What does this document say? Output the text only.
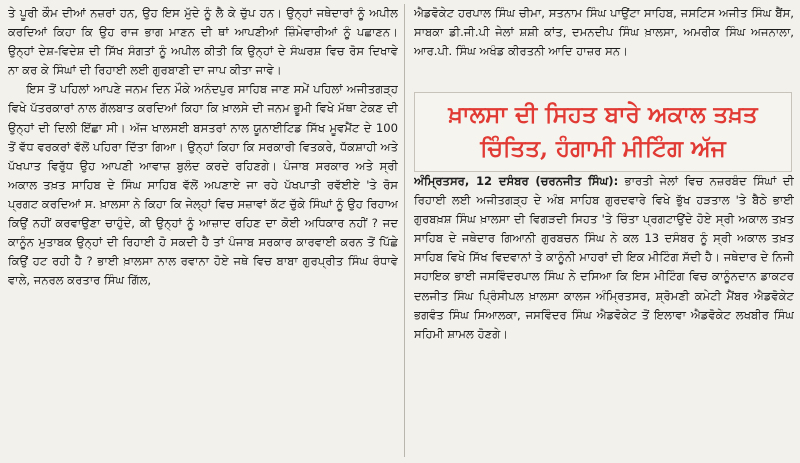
ਤੇ ਪੂਰੀ ਕੌਮ ਦੀਆਂ ਨਜ਼ਰਾਂ ਹਨ, ਉਹ ਇਸ ਮੁੱਦੇ ਨੂੰ ਲੈ ਕੇ ਚੁੱਪ ਹਨ। ਉਨ੍ਹਾਂ ਜਥੇਦਾਰਾਂ ਨੂੰ ਅਪੀਲ ਕਰਦਿਆਂ ਕਿਹਾ ਕਿ ਉਹ ਰਾਜ ਭਾਗ ਮਾਣਨ ਦੀ ਥਾਂ ਆਪਣੀਆਂ ਜ਼ਿੰਮੇਵਾਰੀਆਂ ਨੂੰ ਪਛਾਣਨ। ਉਨ੍ਹਾਂ ਦੇਸ਼-ਵਿਦੇਸ਼ ਦੀ ਸਿੱਖ ਸੰਗਤਾਂ ਨੂੰ ਅਪੀਲ ਕੀਤੀ ਕਿ ਉਨ੍ਹਾਂ ਦੇ ਸੰਘਰਸ਼ ਵਿਚ ਰੋਸ ਦਿਖਾਵੇ ਨਾ ਕਰ ਕੇ ਸਿੰਘਾਂ ਦੀ ਰਿਹਾਈ ਲਈ ਗੁਰਬਾਣੀ ਦਾ ਜਾਪ ਕੀਤਾ ਜਾਵੇ।

ਇਸ ਤੋਂ ਪਹਿਲਾਂ ਆਪਣੇ ਜਨਮ ਦਿਨ ਮੌਕੇ ਅਨੰਦਪੁਰ ਸਾਹਿਬ ਜਾਣ ਸਮੇਂ ਪਹਿਲਾਂ ਅਜੀਤਗੜ੍ਹ ਵਿਖੇ ਪੱਤਰਕਾਰਾਂ ਨਾਲ ਗੱਲਬਾਤ ਕਰਦਿਆਂ ਕਿਹਾ ਕਿ ਖ਼ਾਲਸੇ ਦੀ ਜਨਮ ਭੂਮੀ ਵਿਖੇ ਮੱਥਾ ਟੇਕਣ ਦੀ ਉਨ੍ਹਾਂ ਦੀ ਦਿਲੀ ਇੱਛਾ ਸੀ। ਅੱਜ ਖਾਲਸਈ ਬਸਤਰਾਂ ਨਾਲ ਯੂਨਾਈਟਿਡ ਸਿੱਖ ਮੂਵਮੈਂਟ ਦੇ 100 ਤੋਂ ਵੱਧ ਵਰਕਰਾਂ ਵੱਲੋਂ ਪਹਿਰਾ ਦਿੱਤਾ ਗਿਆ। ਉਨ੍ਹਾਂ ਕਿਹਾ ਕਿ ਸਰਕਾਰੀ ਵਿਤਕਰੇ, ਧੱਕਸ਼ਾਹੀ ਅਤੇ ਪੱਖਪਾਤ ਵਿਰੁੱਧ ਉਹ ਆਪਣੀ ਆਵਾਜ਼ ਬੁਲੰਦ ਕਰਦੇ ਰਹਿਣਗੇ। ਪੰਜਾਬ ਸਰਕਾਰ ਅਤੇ ਸ੍ਰੀ ਅਕਾਲ ਤਖ਼ਤ ਸਾਹਿਬ ਦੇ ਸਿੰਘ ਸਾਹਿਬ ਵੱਲੋਂ ਅਪਣਾਏ ਜਾ ਰਹੇ ਪੱਖਪਾਤੀ ਰਵੱਈਏ 'ਤੇ ਰੋਸ ਪ੍ਰਗਟ ਕਰਦਿਆਂ ਸ. ਖ਼ਾਲਸਾ ਨੇ ਕਿਹਾ ਕਿ ਜੇਲ੍ਹਾਂ ਵਿਚ ਸਜ਼ਾਵਾਂ ਕੱਟ ਚੁੱਕੇ ਸਿੰਘਾਂ ਨੂੰ ਉਹ ਰਿਹਾਅ ਕਿਉਂ ਨਹੀਂ ਕਰਵਾਉਣਾ ਚਾਹੁੰਦੇ, ਕੀ ਉਨ੍ਹਾਂ ਨੂੰ ਆਜ਼ਾਦ ਰਹਿਣ ਦਾ ਕੋਈ ਅਧਿਕਾਰ ਨਹੀਂ ? ਜਦ ਕਾਨੂੰਨ ਮੁਤਾਬਕ ਉਨ੍ਹਾਂ ਦੀ ਰਿਹਾਈ ਹੋ ਸਕਦੀ ਹੈ ਤਾਂ ਪੰਜਾਬ ਸਰਕਾਰ ਕਾਰਵਾਈ ਕਰਨ ਤੋਂ ਪਿੱਛੇ ਕਿਉਂ ਹਟ ਰਹੀ ਹੈ ? ਭਾਈ ਖ਼ਾਲਸਾ ਨਾਲ ਰਵਾਨਾ ਹੋਏ ਜਥੇ ਵਿਚ ਬਾਬਾ ਗੁਰਪ੍ਰੀਤ ਸਿੰਘ ਰੰਧਾਵੇ ਵਾਲੇ, ਜਨਰਲ ਕਰਤਾਰ ਸਿੰਘ ਗਿੱਲ,

ਐਡਵੋਕੇਟ ਹਰਪਾਲ ਸਿੰਘ ਚੀਮਾ, ਸਤਨਾਮ ਸਿੰਘ ਪਾਉਂਟਾ ਸਾਹਿਬ, ਜਸਟਿਸ ਅਜੀਤ ਸਿੰਘ ਬੈਂਸ, ਸਾਬਕਾ ਡੀ.ਜੀ.ਪੀ ਜੇਲਾਂ ਸ਼ਸ਼ੀ ਕਾਂਤ, ਦਮਨਦੀਪ ਸਿੰਘ ਖ਼ਾਲਸਾ, ਅਮਰੀਕ ਸਿੰਘ ਅਜਨਾਲਾ, ਆਰ.ਪੀ. ਸਿੰਘ ਅਖੰਡ ਕੀਰਤਨੀ ਆਦਿ ਹਾਜ਼ਰ ਸਨ।

ਖ਼ਾਲਸਾ ਦੀ ਸਿਹਤ ਬਾਰੇ ਅਕਾਲ ਤਖ਼ਤ
ਚਿੰਤਿਤ, ਹੰਗਾਮੀ ਮੀਟਿੰਗ ਅੱਜ

ਅੰਮ੍ਰਿਤਸਰ, 12 ਦਸੰਬਰ (ਚਰਨਜੀਤ ਸਿੰਘ): ਭਾਰਤੀ ਜੇਲਾਂ ਵਿਚ ਨਜ਼ਰਬੰਦ ਸਿੰਘਾਂ ਦੀ ਰਿਹਾਈ ਲਈ ਅਜੀਤਗੜ੍ਹ ਦੇ ਅੰਬ ਸਾਹਿਬ ਗੁਰਦਵਾਰੇ ਵਿਖੇ ਭੁੱਖ ਹੜਤਾਲ 'ਤੇ ਬੈਠੇ ਭਾਈ ਗੁਰਬਖ਼ਸ਼ ਸਿੰਘ ਖ਼ਾਲਸਾ ਦੀ ਵਿਗੜਦੀ ਸਿਹਤ 'ਤੇ ਚਿੰਤਾ ਪ੍ਰਗਟਾਉਂਦੇ ਹੋਏ ਸ੍ਰੀ ਅਕਾਲ ਤਖ਼ਤ ਸਾਹਿਬ ਦੇ ਜਥੇਦਾਰ ਗਿਆਨੀ ਗੁਰਬਚਨ ਸਿੰਘ ਨੇ ਕਲ 13 ਦਸੰਬਰ ਨੂੰ ਸ੍ਰੀ ਅਕਾਲ ਤਖ਼ਤ ਸਾਹਿਬ ਵਿਖੇ ਸਿੱਖ ਵਿਦਵਾਨਾਂ ਤੇ ਕਾਨੂੰਨੀ ਮਾਹਰਾਂ ਦੀ ਇਕ ਮੀਟਿੰਗ ਸੱਦੀ ਹੈ। ਜਥੇਦਾਰ ਦੇ ਨਿਜੀ ਸਹਾਇਕ ਭਾਈ ਜਸਵਿੰਦਰਪਾਲ ਸਿੰਘ ਨੇ ਦਸਿਆ ਕਿ ਇਸ ਮੀਟਿੰਗ ਵਿਚ ਕਾਨੂੰਨਦਾਨ ਡਾਕਟਰ ਦਲਜੀਤ ਸਿੰਘ ਪ੍ਰਿੰਸੀਪਲ ਖ਼ਾਲਸਾ ਕਾਲਜ ਅੰਮ੍ਰਿਤਸਰ, ਸ਼੍ਰੋਮਣੀ ਕਮੇਟੀ ਮੈਂਬਰ ਐਡਵੋਕੇਟ ਭਗਵੰਤ ਸਿੰਘ ਸਿਆਲਕਾ, ਜਸਵਿੰਦਰ ਸਿੰਘ ਐਡਵੋਕੇਟ ਤੋਂ ਇਲਾਵਾ ਐਡਵੋਕੇਟ ਲਖਬੀਰ ਸਿੰਘ ਸਹਿਮੀ ਸ਼ਾਮਲ ਹੋਣਗੇ।
